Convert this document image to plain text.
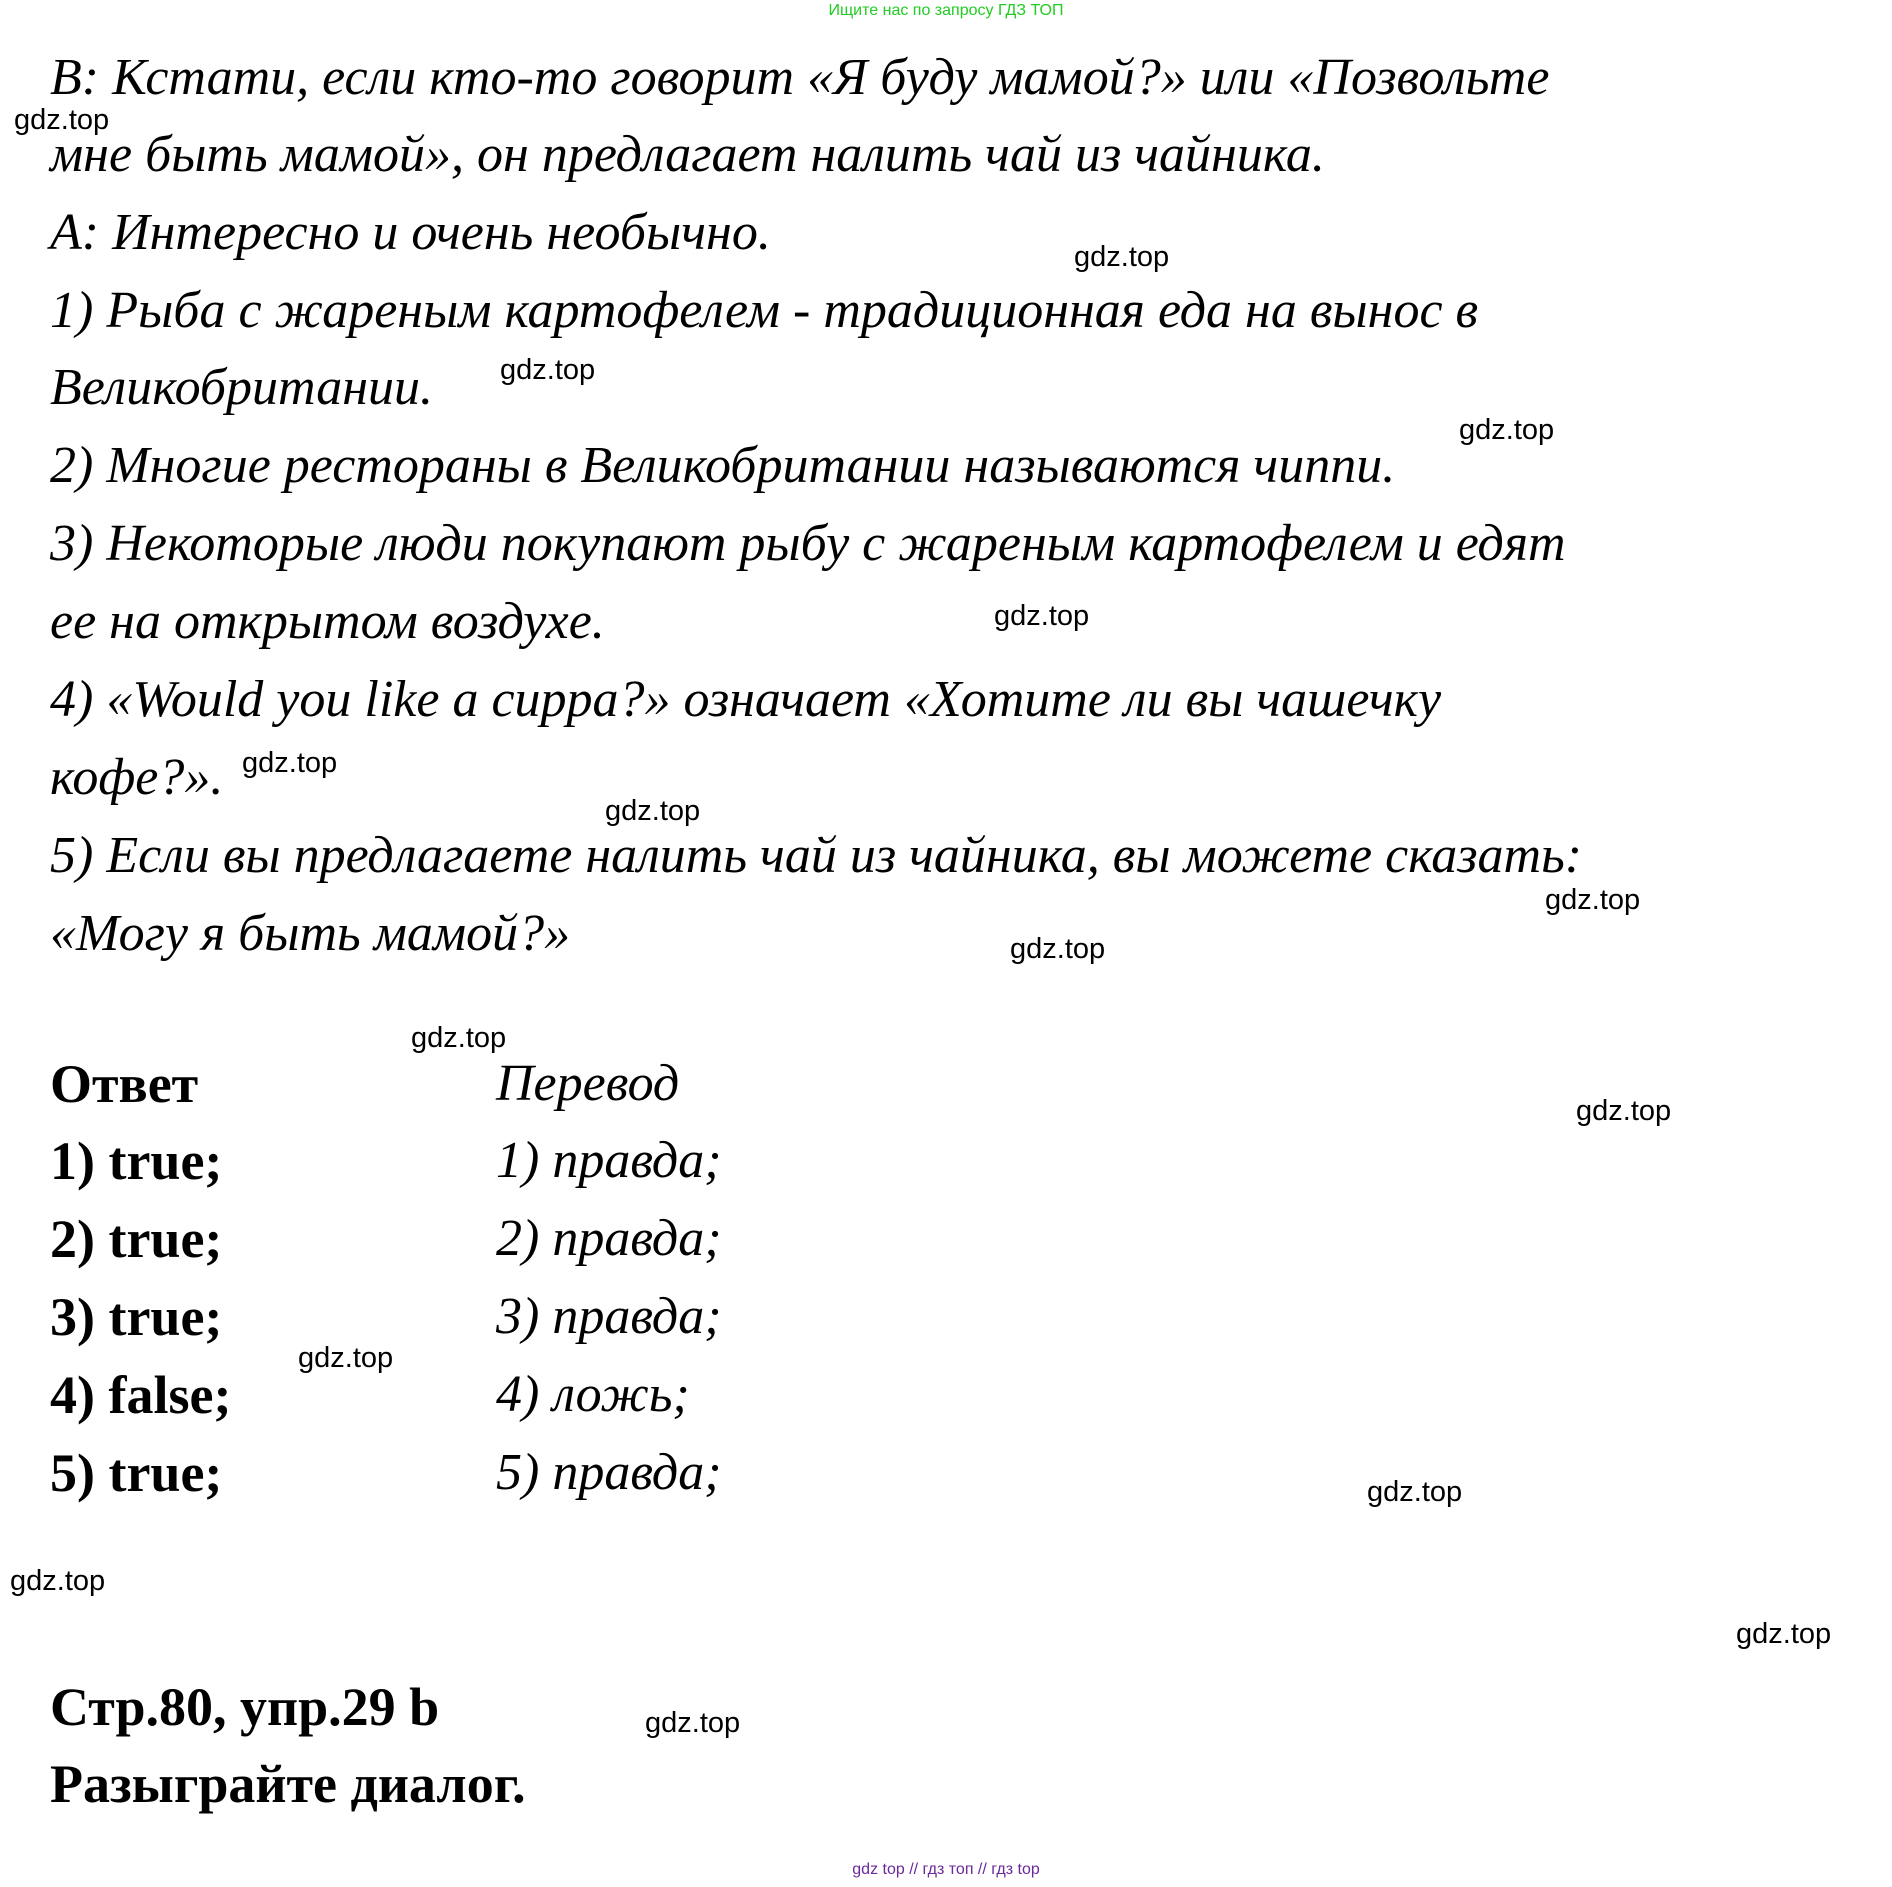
Ищите нас по запросу ГДЗ ТОП
B: Кстати, если кто-то говорит «Я буду мамой?» или «Позвольте
мне быть мамой», он предлагает налить чай из чайника.
A: Интересно и очень необычно.
1) Рыба с жареным картофелем - традиционная еда на вынос в
Великобритании.
2) Многие рестораны в Великобритании называются чиппи.
3) Некоторые люди покупают рыбу с жареным картофелем и едят
ее на открытом воздухе.
4) «Would you like a cuppa?» означает «Хотите ли вы чашечку
кофе?».
5) Если вы предлагаете налить чай из чайника, вы можете сказать:
«Могу я быть мамой?»
Ответ
1) true;
2) true;
3) true;
4) false;
5) true;
Перевод
1) правда;
2) правда;
3) правда;
4) ложь;
5) правда;
Стр.80, упр.29 b
Разыграйте диалог.
gdz.top
gdz.top
gdz.top
gdz.top
gdz.top
gdz.top
gdz.top
gdz.top
gdz.top
gdz.top
gdz.top
gdz.top
gdz.top
gdz.top
gdz.top
gdz.top
gdz top // гдз топ // гдз top
